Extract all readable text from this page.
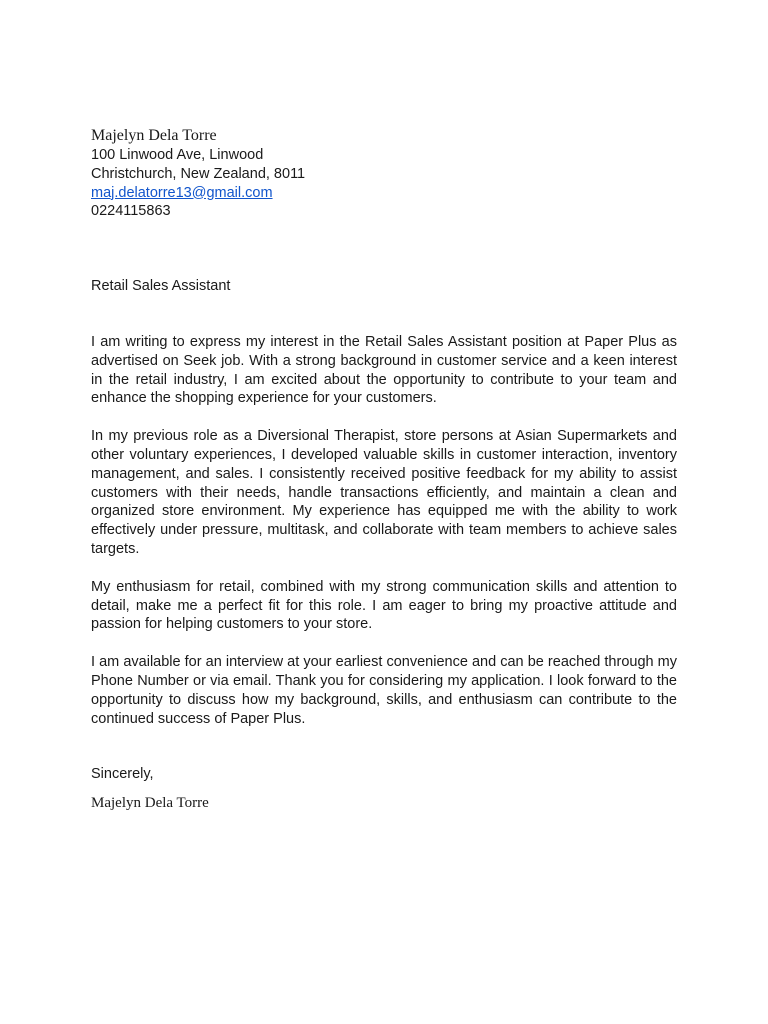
Majelyn Dela Torre
100 Linwood Ave, Linwood
Christchurch, New Zealand, 8011
maj.delatorre13@gmail.com
0224115863
Retail Sales Assistant

I am writing to express my interest in the Retail Sales Assistant position at Paper Plus as advertised on Seek job. With a strong background in customer service and a keen interest in the retail industry, I am excited about the opportunity to contribute to your team and enhance the shopping experience for your customers.

In my previous role as a Diversional Therapist, store persons at Asian Supermarkets and other voluntary experiences, I developed valuable skills in customer interaction, inventory management, and sales. I consistently received positive feedback for my ability to assist customers with their needs, handle transactions efficiently, and maintain a clean and organized store environment. My experience has equipped me with the ability to work effectively under pressure, multitask, and collaborate with team members to achieve sales targets.

My enthusiasm for retail, combined with my strong communication skills and attention to detail, make me a perfect fit for this role. I am eager to bring my proactive attitude and passion for helping customers to your store.

I am available for an interview at your earliest convenience and can be reached through my Phone Number or via email. Thank you for considering my application. I look forward to the opportunity to discuss how my background, skills, and enthusiasm can contribute to the continued success of Paper Plus.

Sincerely,
Majelyn Dela Torre
